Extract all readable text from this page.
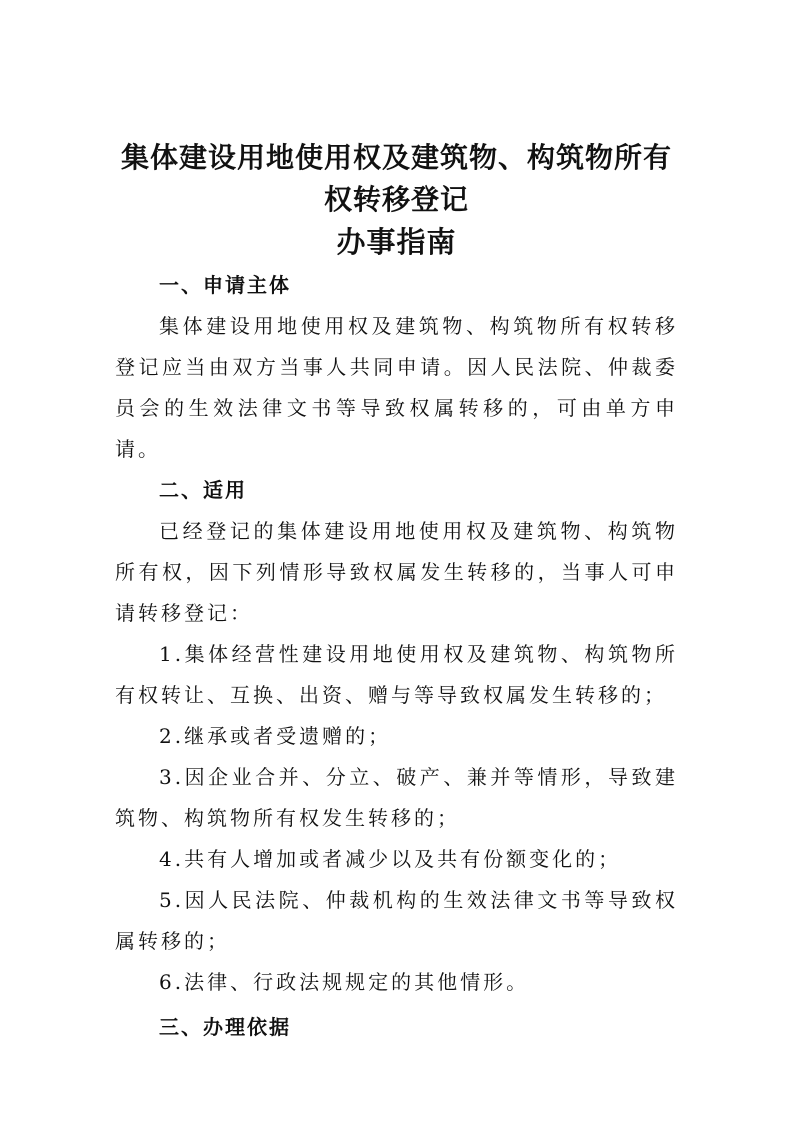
集体建设用地使用权及建筑物、构筑物所有
权转移登记
办事指南

一、申请主体

集体建设用地使用权及建筑物、构筑物所有权转移登记应当由双方当事人共同申请。因人民法院、仲裁委员会的生效法律文书等导致权属转移的，可由单方申请。

二、适用

已经登记的集体建设用地使用权及建筑物、构筑物所有权，因下列情形导致权属发生转移的，当事人可申请转移登记：

1.集体经营性建设用地使用权及建筑物、构筑物所有权转让、互换、出资、赠与等导致权属发生转移的；

2.继承或者受遗赠的；

3.因企业合并、分立、破产、兼并等情形，导致建筑物、构筑物所有权发生转移的；

4.共有人增加或者减少以及共有份额变化的；

5.因人民法院、仲裁机构的生效法律文书等导致权属转移的；

6.法律、行政法规规定的其他情形。

三、办理依据
